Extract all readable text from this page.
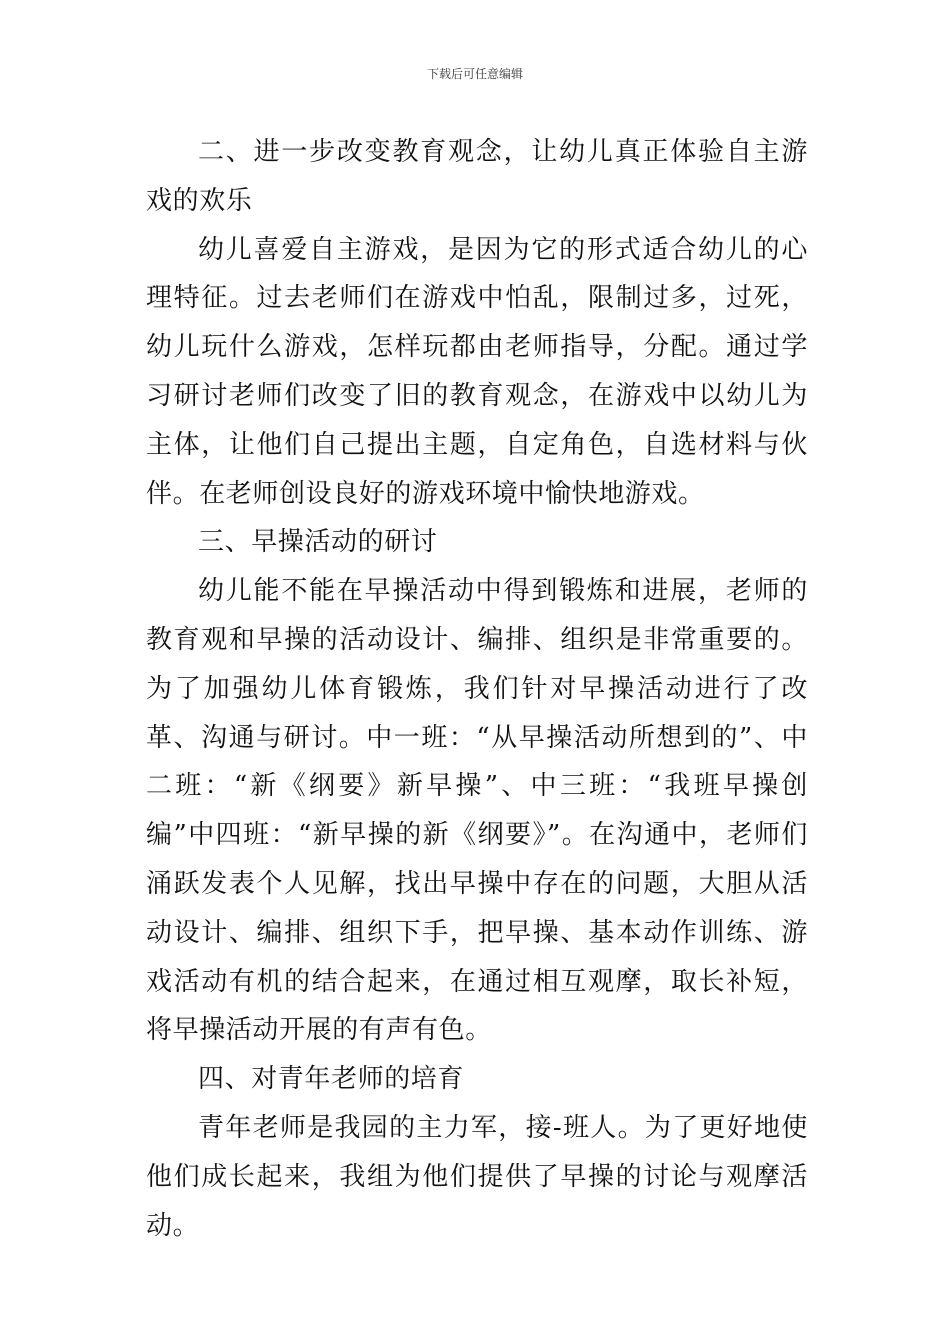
下载后可任意编辑

二、进一步改变教育观念，让幼儿真正体验自主游戏的欢乐

幼儿喜爱自主游戏，是因为它的形式适合幼儿的心理特征。过去老师们在游戏中怕乱，限制过多，过死，幼儿玩什么游戏，怎样玩都由老师指导，分配。通过学习研讨老师们改变了旧的教育观念，在游戏中以幼儿为主体，让他们自己提出主题，自定角色，自选材料与伙伴。在老师创设良好的游戏环境中愉快地游戏。

三、早操活动的研讨

幼儿能不能在早操活动中得到锻炼和进展，老师的教育观和早操的活动设计、编排、组织是非常重要的。为了加强幼儿体育锻炼，我们针对早操活动进行了改革、沟通与研讨。中一班：“从早操活动所想到的”、中二班：“新《纲要》新早操”、中三班：“我班早操创编”中四班：“新早操的新《纲要》”。在沟通中，老师们涌跃发表个人见解，找出早操中存在的问题，大胆从活动设计、编排、组织下手，把早操、基本动作训练、游戏活动有机的结合起来，在通过相互观摩，取长补短，将早操活动开展的有声有色。

四、对青年老师的培育

青年老师是我园的主力军，接-班人。为了更好地使他们成长起来，我组为他们提供了早操的讨论与观摩活动。
